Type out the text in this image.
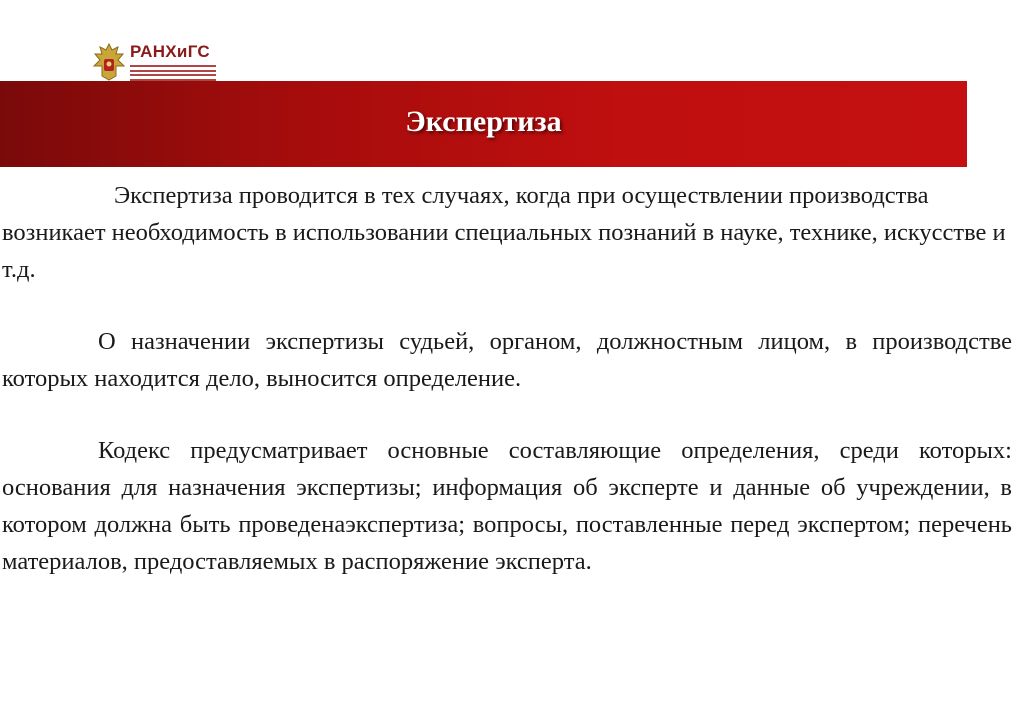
РАНХиГС
Экспертиза

Экспертиза проводится в тех случаях, когда при осуществлении производства возникает необходимость в использовании специальных познаний в науке, технике, искусстве и т.д.

О назначении экспертизы судьей, органом, должностным лицом, в производстве которых находится дело, выносится определение.

Кодекс предусматривает основные составляющие определения, среди которых: основания для назначения экспертизы; информация об эксперте и данные об учреждении, в котором должна быть проведенаэкспертиза; вопросы, поставленные перед экспертом; перечень материалов, предоставляемых в распоряжение эксперта.
